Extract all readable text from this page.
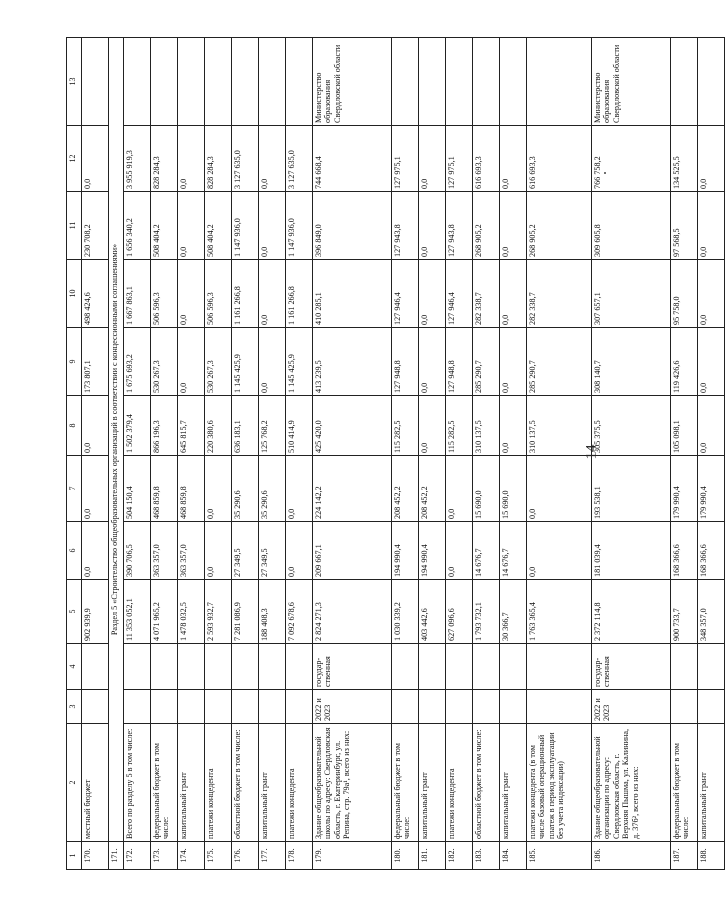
14
1	2	3	4	5	6	7	8	9	10	11	12	13
170.	местный бюджет			902 939,9	0,0	0,0	0,0	173 807,1	498 424,6	230 708,2	0,0	
171.	Раздел 5 «Строительство общеобразовательных организаций в соответствии с концессионными соглашениями»											
172.	Всего по разделу 5 в том числе:			11 353 052,1	390 706,5	504 150,4	1 502 379,4	1 675 693,2	1 667 863,1	1 656 340,2	3 955 919,3	
173.	федеральный бюджет в том числе:			4 071 965,2	363 357,0	468 859,8	866 196,3	530 267,3	506 596,3	508 404,2	828 284,3	
174.	капитальный грант			1 478 032,5	363 357,0	468 859,8	645 815,7	0,0	0,0	0,0	0,0	
175.	платежи концедента			2 593 932,7	0,0	0,0	220 380,6	530 267,3	506 596,3	508 404,2	828 284,3	
176.	областной бюджет в том числе:			7 281 086,9	27 349,5	35 290,6	636 183,1	1 145 425,9	1 161 266,8	1 147 936,0	3 127 635,0	
177.	капитальный грант			188 408,3	27 349,5	35 290,6	125 768,2	0,0	0,0	0,0	0,0	
178.	платежи концедента			7 092 678,6	0,0	0,0	510 414,9	1 145 425,9	1 161 266,8	1 147 936,0	3 127 635,0	
179.	Здание общеобразовательной школы по адресу: Свердловская область, г. Екатеринбург, ул. Репина, стр. 79а¹, всего из них:	2022 и 2023	государ-ственная	2 824 271,3	209 667,1	224 142,2	425 420,0	413 239,5	410 285,1	396 849,0	744 668,4	Министерство образования Свердловской области
180.	федеральный бюджет в том числе:			1 030 339,2	194 990,4	208 452,2	115 282,5	127 948,8	127 946,4	127 943,8	127 975,1	
181.	капитальный грант			403 442,6	194 990,4	208 452,2	0,0	0,0	0,0	0,0	0,0	
182.	платежи концедента			627 096,6	0,0	0,0	115 282,5	127 948,8	127 946,4	127 943,8	127 975,1	
183.	областной бюджет в том числе:			1 793 732,1	14 676,7	15 690,0	310 137,5	285 290,7	282 338,7	268 905,2	616 693,3	
184.	капитальный грант			30 366,7	14 676,7	15 690,0	0,0	0,0	0,0	0,0	0,0	
185.	платежи концедента (в том числе базовый операционный платеж в период эксплуатации без учета индексации)			1 763 365,4	0,0	0,0	310 137,5	285 290,7	282 338,7	268 905,2	616 693,3	
186.	Здание общеобразовательной организации по адресу: Свердловская область, г. Верхняя Пышма, ул. Калинина, д. 37б², всего из них:	2022 и 2023	государ-ственная	2 372 114,8	181 039,4	193 538,1	305 375,5	308 140,7	307 657,1	309 605,8	766 758,2	Министерство образования Свердловской области
187.	федеральный бюджет в том числе:			900 733,7	168 366,6	179 990,4	105 098,1	119 426,6	95 758,0	97 568,5	134 525,5	
188.	капитальный грант			348 357,0	168 366,6	179 990,4	0,0	0,0	0,0	0,0	0,0	
